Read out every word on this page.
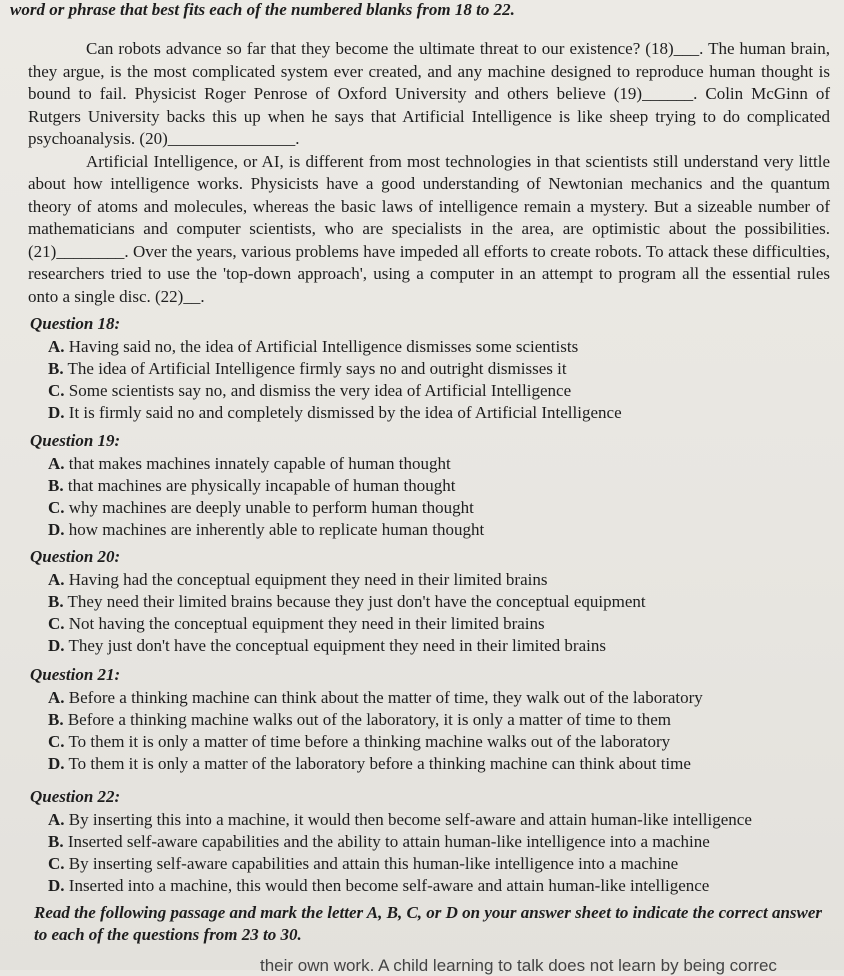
word or phrase that best fits each of the numbered blanks from 18 to 22.

Can robots advance so far that they become the ultimate threat to our existence? (18)___. The human brain, they argue, is the most complicated system ever created, and any machine designed to reproduce human thought is bound to fail. Physicist Roger Penrose of Oxford University and others believe (19)______. Colin McGinn of Rutgers University backs this up when he says that Artificial Intelligence is like sheep trying to do complicated psychoanalysis. (20)_______________.

Artificial Intelligence, or AI, is different from most technologies in that scientists still understand very little about how intelligence works. Physicists have a good understanding of Newtonian mechanics and the quantum theory of atoms and molecules, whereas the basic laws of intelligence remain a mystery. But a sizeable number of mathematicians and computer scientists, who are specialists in the area, are optimistic about the possibilities. (21)________. Over the years, various problems have impeded all efforts to create robots. To attack these difficulties, researchers tried to use the 'top-down approach', using a computer in an attempt to program all the essential rules onto a single disc. (22)__.

Question 18:
A. Having said no, the idea of Artificial Intelligence dismisses some scientists
B. The idea of Artificial Intelligence firmly says no and outright dismisses it
C. Some scientists say no, and dismiss the very idea of Artificial Intelligence
D. It is firmly said no and completely dismissed by the idea of Artificial Intelligence
Question 19:
A. that makes machines innately capable of human thought
B. that machines are physically incapable of human thought
C. why machines are deeply unable to perform human thought
D. how machines are inherently able to replicate human thought
Question 20:
A. Having had the conceptual equipment they need in their limited brains
B. They need their limited brains because they just don't have the conceptual equipment
C. Not having the conceptual equipment they need in their limited brains
D. They just don't have the conceptual equipment they need in their limited brains
Question 21:
A. Before a thinking machine can think about the matter of time, they walk out of the laboratory
B. Before a thinking machine walks out of the laboratory, it is only a matter of time to them
C. To them it is only a matter of time before a thinking machine walks out of the laboratory
D. To them it is only a matter of the laboratory before a thinking machine can think about time
Question 22:
A. By inserting this into a machine, it would then become self-aware and attain human-like intelligence
B. Inserted self-aware capabilities and the ability to attain human-like intelligence into a machine
C. By inserting self-aware capabilities and attain this human-like intelligence into a machine
D. Inserted into a machine, this would then become self-aware and attain human-like intelligence
Read the following passage and mark the letter A, B, C, or D on your answer sheet to indicate the correct answer to each of the questions from 23 to 30.
their own work. A child learning to talk does not learn by being correc
